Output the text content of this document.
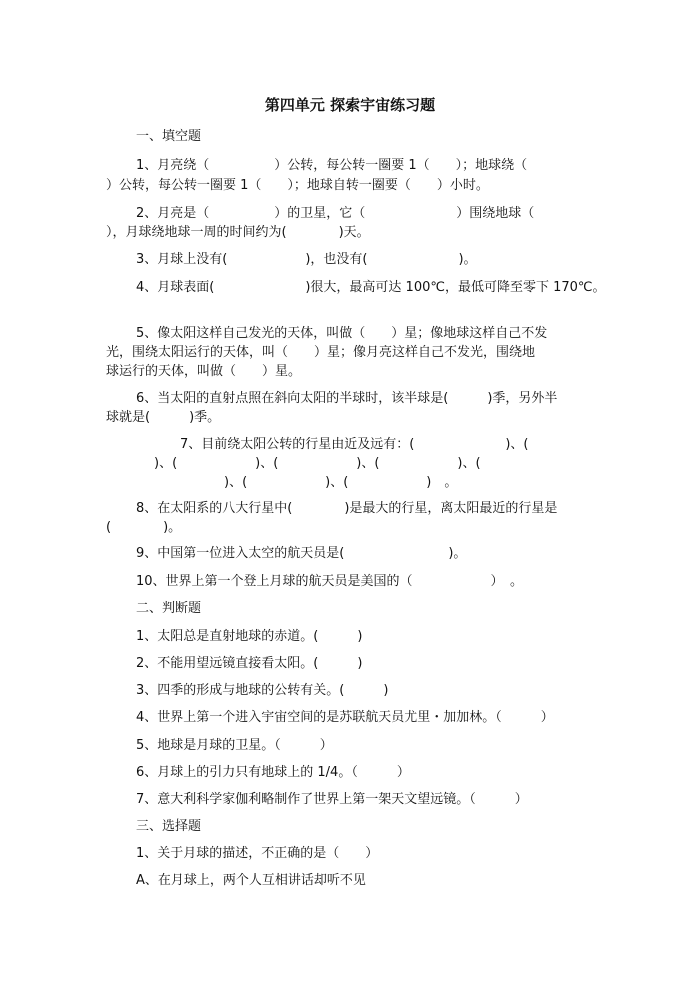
第四单元 探索宇宙练习题
一、填空题
1、月亮绕（　　　　　）公转，每公转一圈要 1（　　）；地球绕（
）公转，每公转一圈要 1（　　）；地球自转一圈要（　　）小时。
2、月亮是（　　　　　）的卫星，它（　　　　　　　）围绕地球（
），月球绕地球一周的时间约为(　　　　)天。
3、月球上没有(　　　　　　)，也没有(　　　　　　　)。
4、月球表面(　　　　　　　)很大，最高可达 100℃，最低可降至零下 170℃。
5、像太阳这样自己发光的天体，叫做（　　）星；像地球这样自己不发
光，围绕太阳运行的天体，叫（　　）星；像月亮这样自己不发光，围绕地
球运行的天体，叫做（　　）星。
6、当太阳的直射点照在斜向太阳的半球时，该半球是(　　　)季，另外半
球就是(　　　)季。
7、目前绕太阳公转的行星由近及远有：(　　　　　　　)、(
)、(　　　　　　)、(　　　　　　)、(　　　　　　)、(
)、(　　　　　　)、(　　　　　　)　。
8、在太阳系的八大行星中(　　　　)是最大的行星，离太阳最近的行星是
(　　　　)。
9、中国第一位进入太空的航天员是(　　　　　　　　)。
10、世界上第一个登上月球的航天员是美国的（　　　　　　）　。
二、判断题
1、太阳总是直射地球的赤道。(　　　)
2、不能用望远镜直接看太阳。(　　　)
3、四季的形成与地球的公转有关。(　　　)
4、世界上第一个进入宇宙空间的是苏联航天员尤里・加加林。（　　　）
5、地球是月球的卫星。（　　　）
6、月球上的引力只有地球上的 1/4。（　　　）
7、意大利科学家伽利略制作了世界上第一架天文望远镜。（　　　）
三、选择题
1、关于月球的描述，不正确的是（　　）
A、在月球上，两个人互相讲话却听不见
